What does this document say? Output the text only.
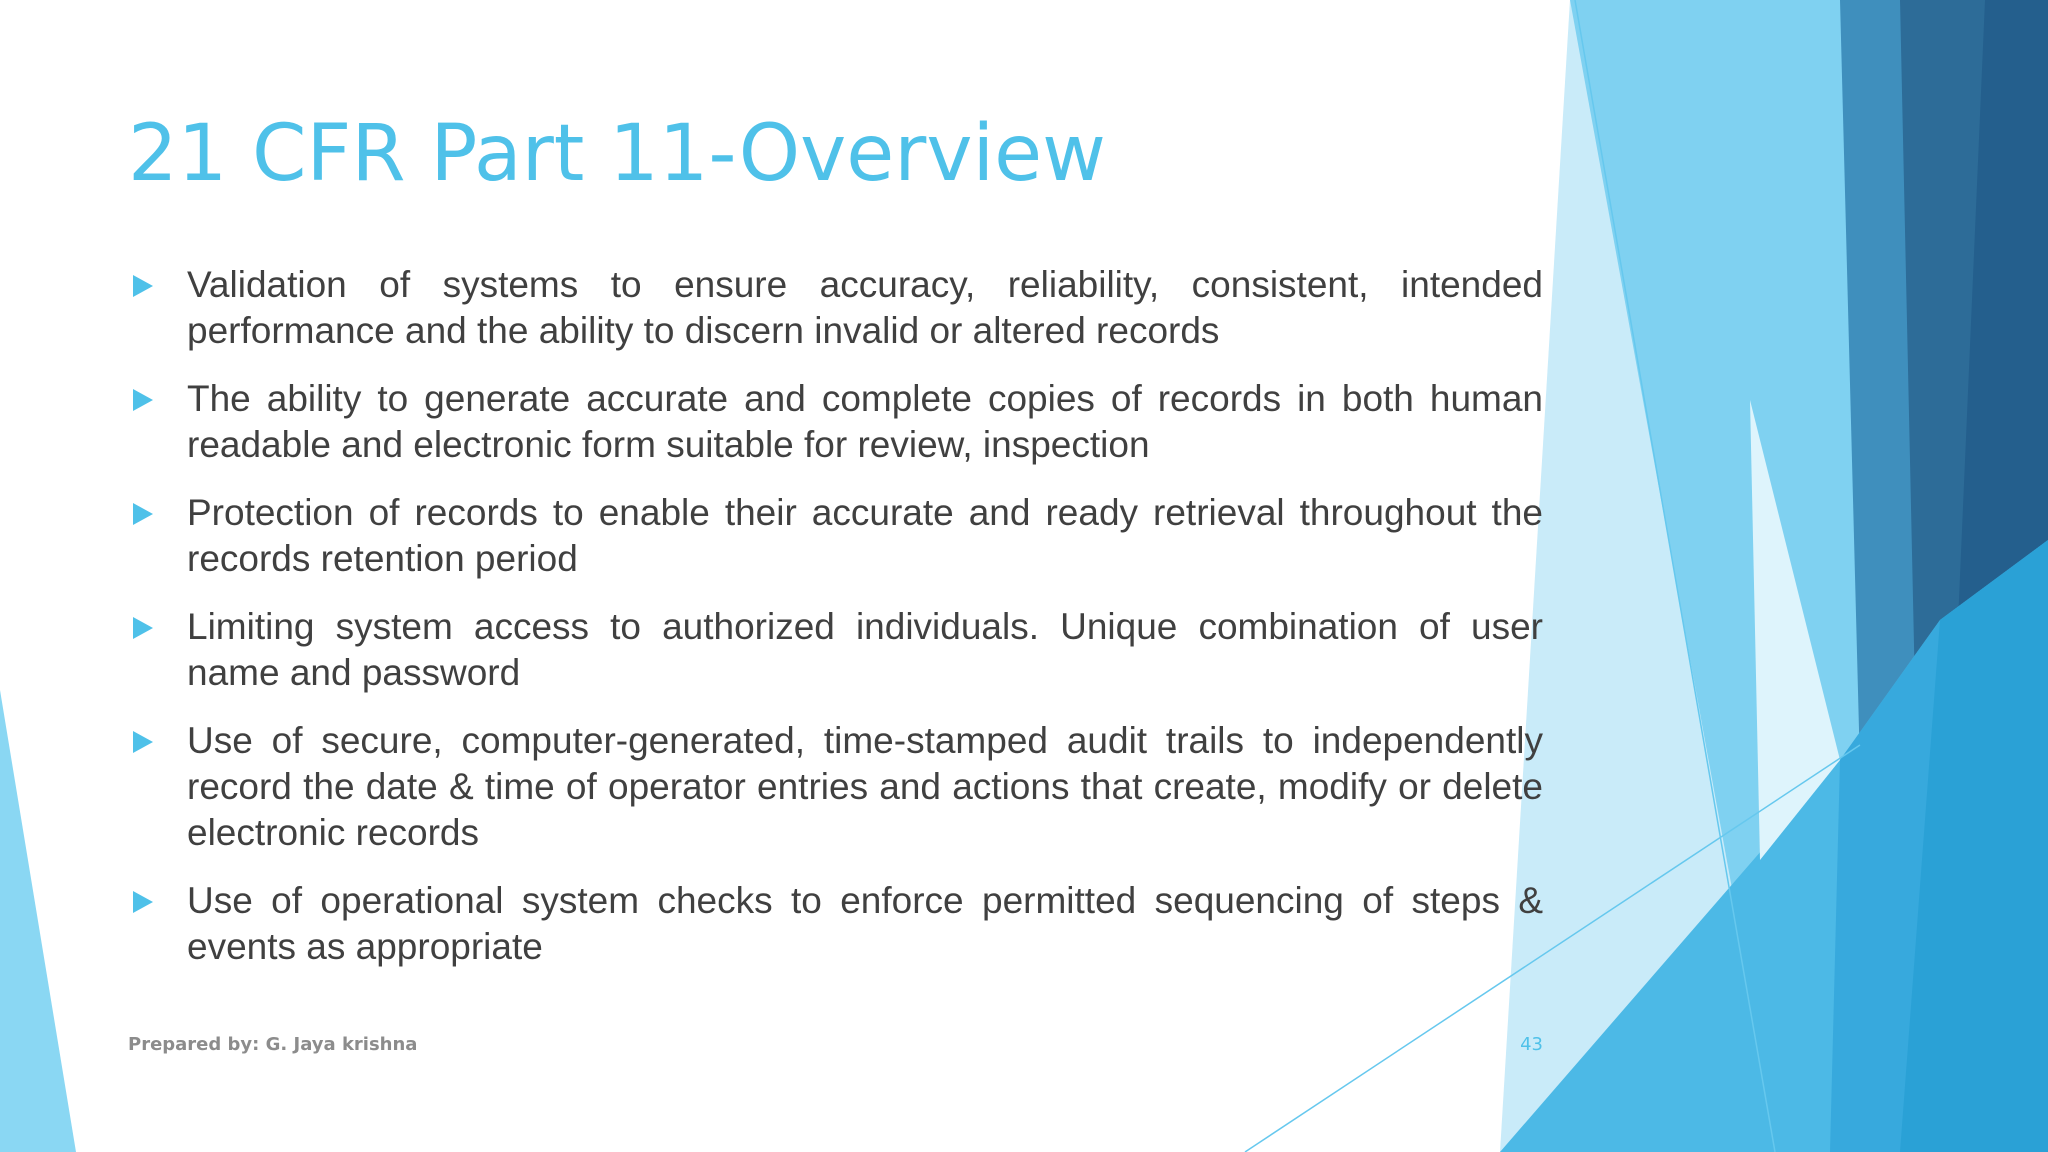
21 CFR Part 11-Overview
Validation of systems to ensure accuracy, reliability, consistent, intended performance and the ability to discern invalid or altered records
The ability to generate accurate and complete copies of records in both human readable and electronic form suitable for review, inspection
Protection of records to enable their accurate and ready retrieval throughout the records retention period
Limiting system access to authorized individuals. Unique combination of user name and password
Use of secure, computer-generated, time-stamped audit trails to independently record the date & time of operator entries and actions that create, modify or delete electronic records
Use of operational system checks to enforce permitted sequencing of steps & events as appropriate
Prepared by: G. Jaya krishna	43
